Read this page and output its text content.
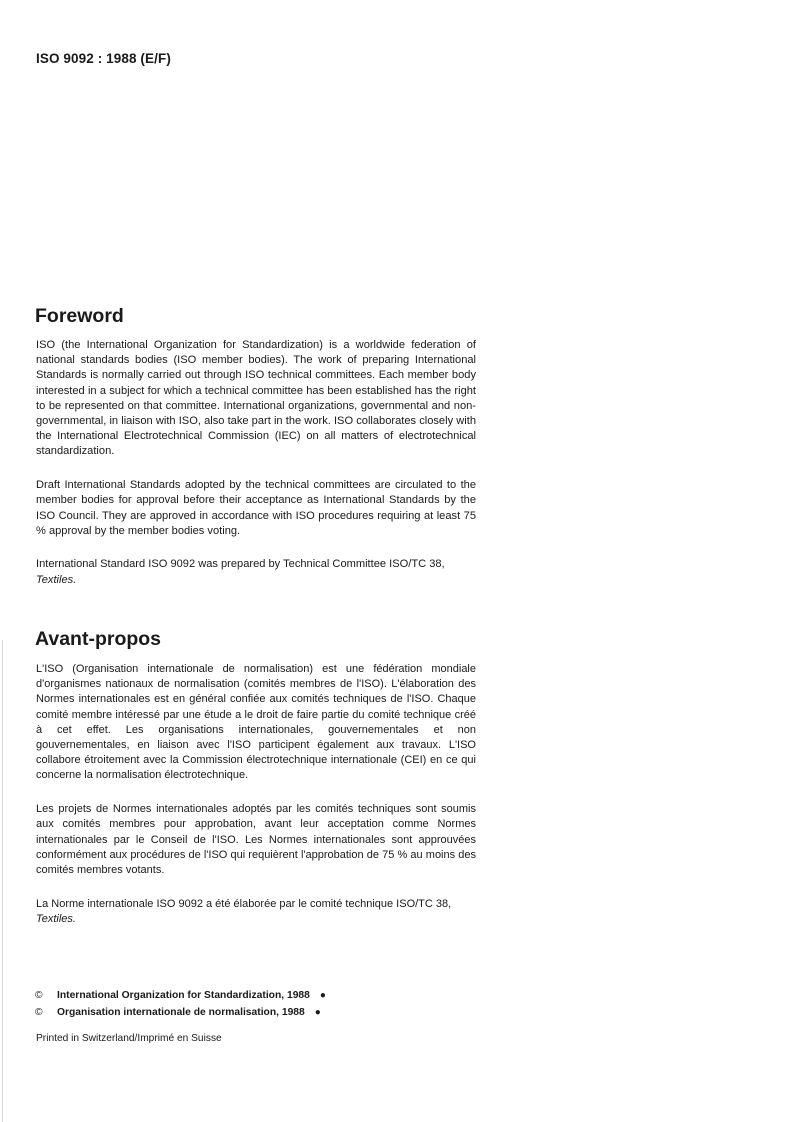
ISO 9092 : 1988 (E/F)
Foreword

ISO (the International Organization for Standardization) is a worldwide federation of national standards bodies (ISO member bodies). The work of preparing International Standards is normally carried out through ISO technical committees. Each member body interested in a subject for which a technical committee has been established has the right to be represented on that committee. International organizations, governmental and non-governmental, in liaison with ISO, also take part in the work. ISO collaborates closely with the International Electrotechnical Commission (IEC) on all matters of electrotechnical standardization.

Draft International Standards adopted by the technical committees are circulated to the member bodies for approval before their acceptance as International Standards by the ISO Council. They are approved in accordance with ISO procedures requiring at least 75 % approval by the member bodies voting.

International Standard ISO 9092 was prepared by Technical Committee ISO/TC 38,
Textiles.

Avant-propos

L'ISO (Organisation internationale de normalisation) est une fédération mondiale d'organismes nationaux de normalisation (comités membres de l'ISO). L'élaboration des Normes internationales est en général confiée aux comités techniques de l'ISO. Chaque comité membre intéressé par une étude a le droit de faire partie du comité technique créé à cet effet. Les organisations internationales, gouvernementales et non gouvernementales, en liaison avec l'ISO participent également aux travaux. L'ISO collabore étroitement avec la Commission électrotechnique internationale (CEI) en ce qui concerne la normalisation électrotechnique.

Les projets de Normes internationales adoptés par les comités techniques sont soumis aux comités membres pour approbation, avant leur acceptation comme Normes internationales par le Conseil de l'ISO. Les Normes internationales sont approuvées conformément aux procédures de l'ISO qui requièrent l'approbation de 75 % au moins des comités membres votants.

La Norme internationale ISO 9092 a été élaborée par le comité technique ISO/TC 38,
Textiles.

© International Organization for Standardization, 1988 ●
© Organisation internationale de normalisation, 1988 ●
Printed in Switzerland/Imprimé en Suisse
